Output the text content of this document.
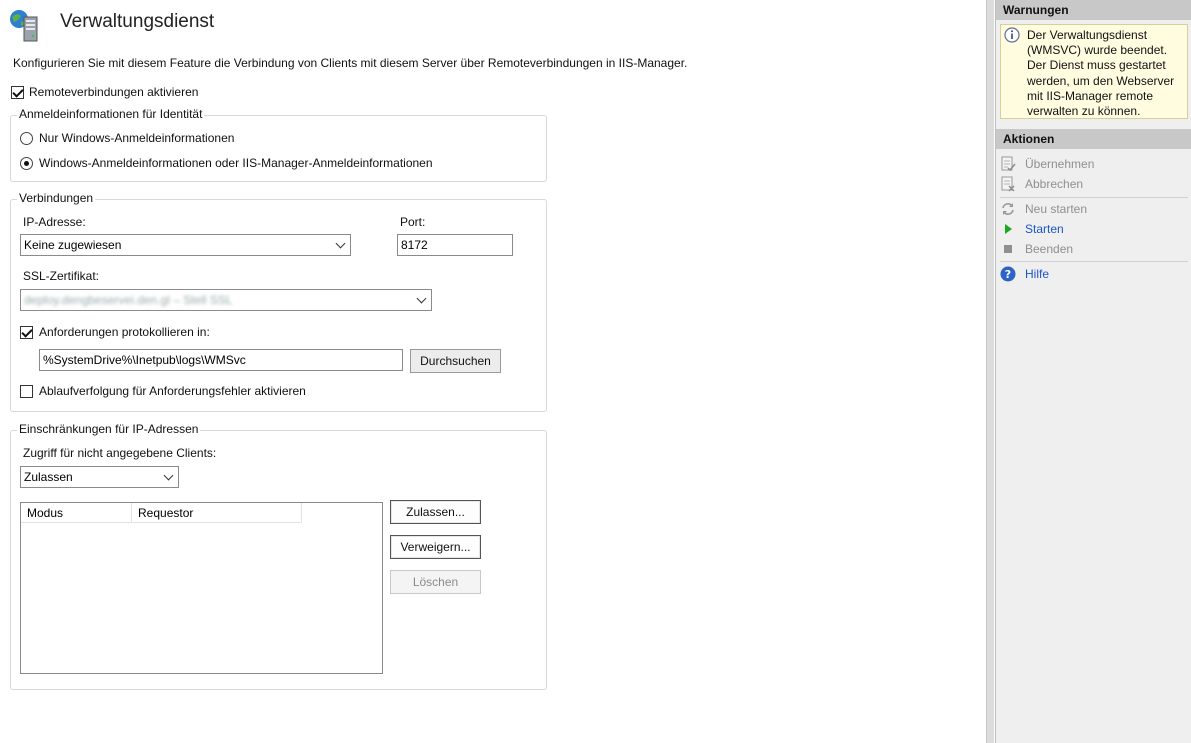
Verwaltungsdienst
Konfigurieren Sie mit diesem Feature die Verbindung von Clients mit diesem Server über Remoteverbindungen in IIS-Manager.
Remoteverbindungen aktivieren
Anmeldeinformationen für Identität
Nur Windows-Anmeldeinformationen
Windows-Anmeldeinformationen oder IIS-Manager-Anmeldeinformationen
Verbindungen
IP-Adresse:
Keine zugewiesen
Port:
8172
SSL-Zertifikat:
deploy.dengbeservei.den.gl – Stell SSL
Anforderungen protokollieren in:
%SystemDrive%\Inetpub\logs\WMSvc	Durchsuchen
Ablaufverfolgung für Anforderungsfehler aktivieren
Einschränkungen für IP-Adressen
Zugriff für nicht angegebene Clients:
Zulassen
Modus	Requestor	Zulassen...
Verweigern...
Löschen
Warnungen
Der Verwaltungsdienst (WMSVC) wurde beendet. Der Dienst muss gestartet werden, um den Webserver mit IIS-Manager remote verwalten zu können.
Aktionen
Übernehmen
Abbrechen
Neu starten
Starten
Beenden
? Hilfe
